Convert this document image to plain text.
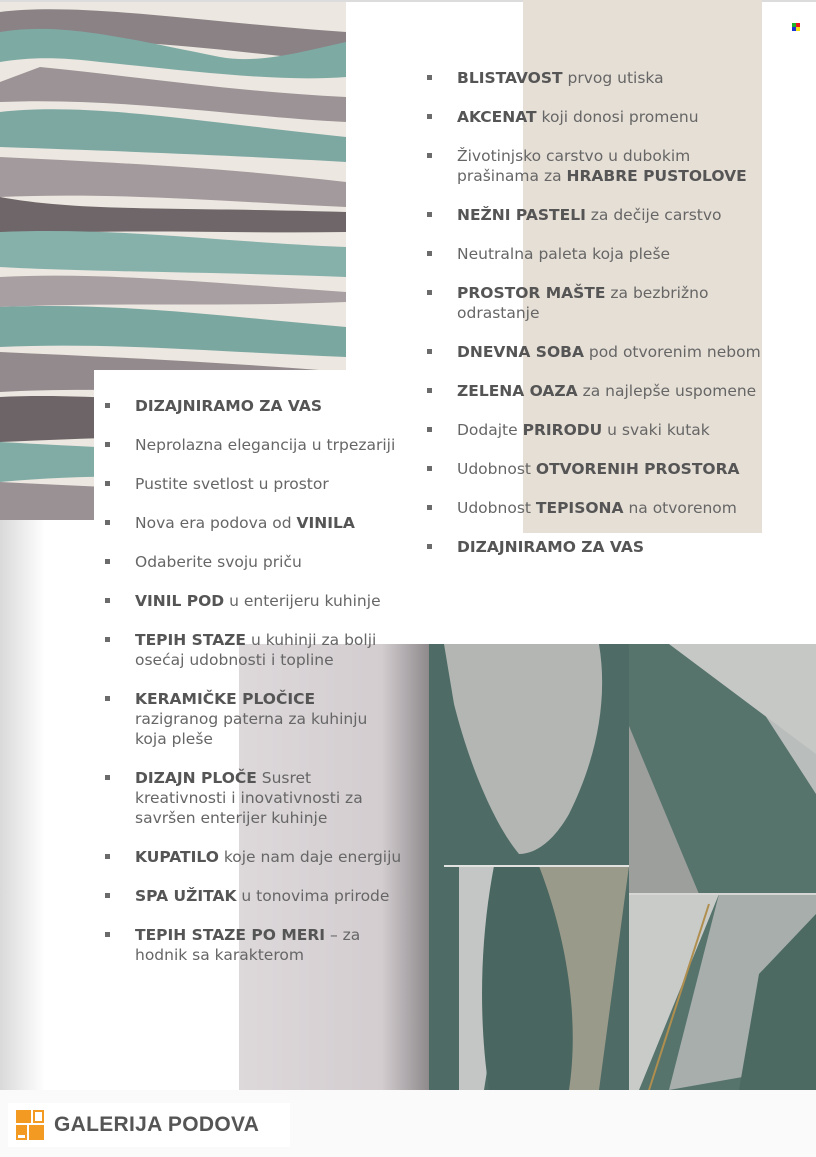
BLISTAVOST prvog utiska
AKCENAT koji donosi promenu
Životinjsko carstvo u dubokim prašinama za HRABRE PUSTOLOVE
NEŽNI PASTELI za dečije carstvo
Neutralna paleta koja pleše
PROSTOR MAŠTE za bezbrižno odrastanje
DNEVNA SOBA pod otvorenim nebom
ZELENA OAZA za najlepše uspomene
Dodajte PRIRODU u svaki kutak
Udobnost OTVORENIH PROSTORA
Udobnost TEPISONA na otvorenom
DIZAJNIRAMO ZA VAS
DIZAJNIRAMO ZA VAS
Neprolazna elegancija u trpezariji
Pustite svetlost u prostor
Nova era podova od VINILA
Odaberite svoju priču
VINIL POD u enterijeru kuhinje
TEPIH STAZE u kuhinji za bolji osećaj udobnosti i topline
KERAMIČKE PLOČICE razigranog paterna za kuhinju koja pleše
DIZAJN PLOČE Susret kreativnosti i inovativnosti za savršen enterijer kuhinje
KUPATILO koje nam daje energiju
SPA UŽITAK u tonovima prirode
TEPIH STAZE PO MERI – za hodnik sa karakterom
GALERIJA PODOVA
